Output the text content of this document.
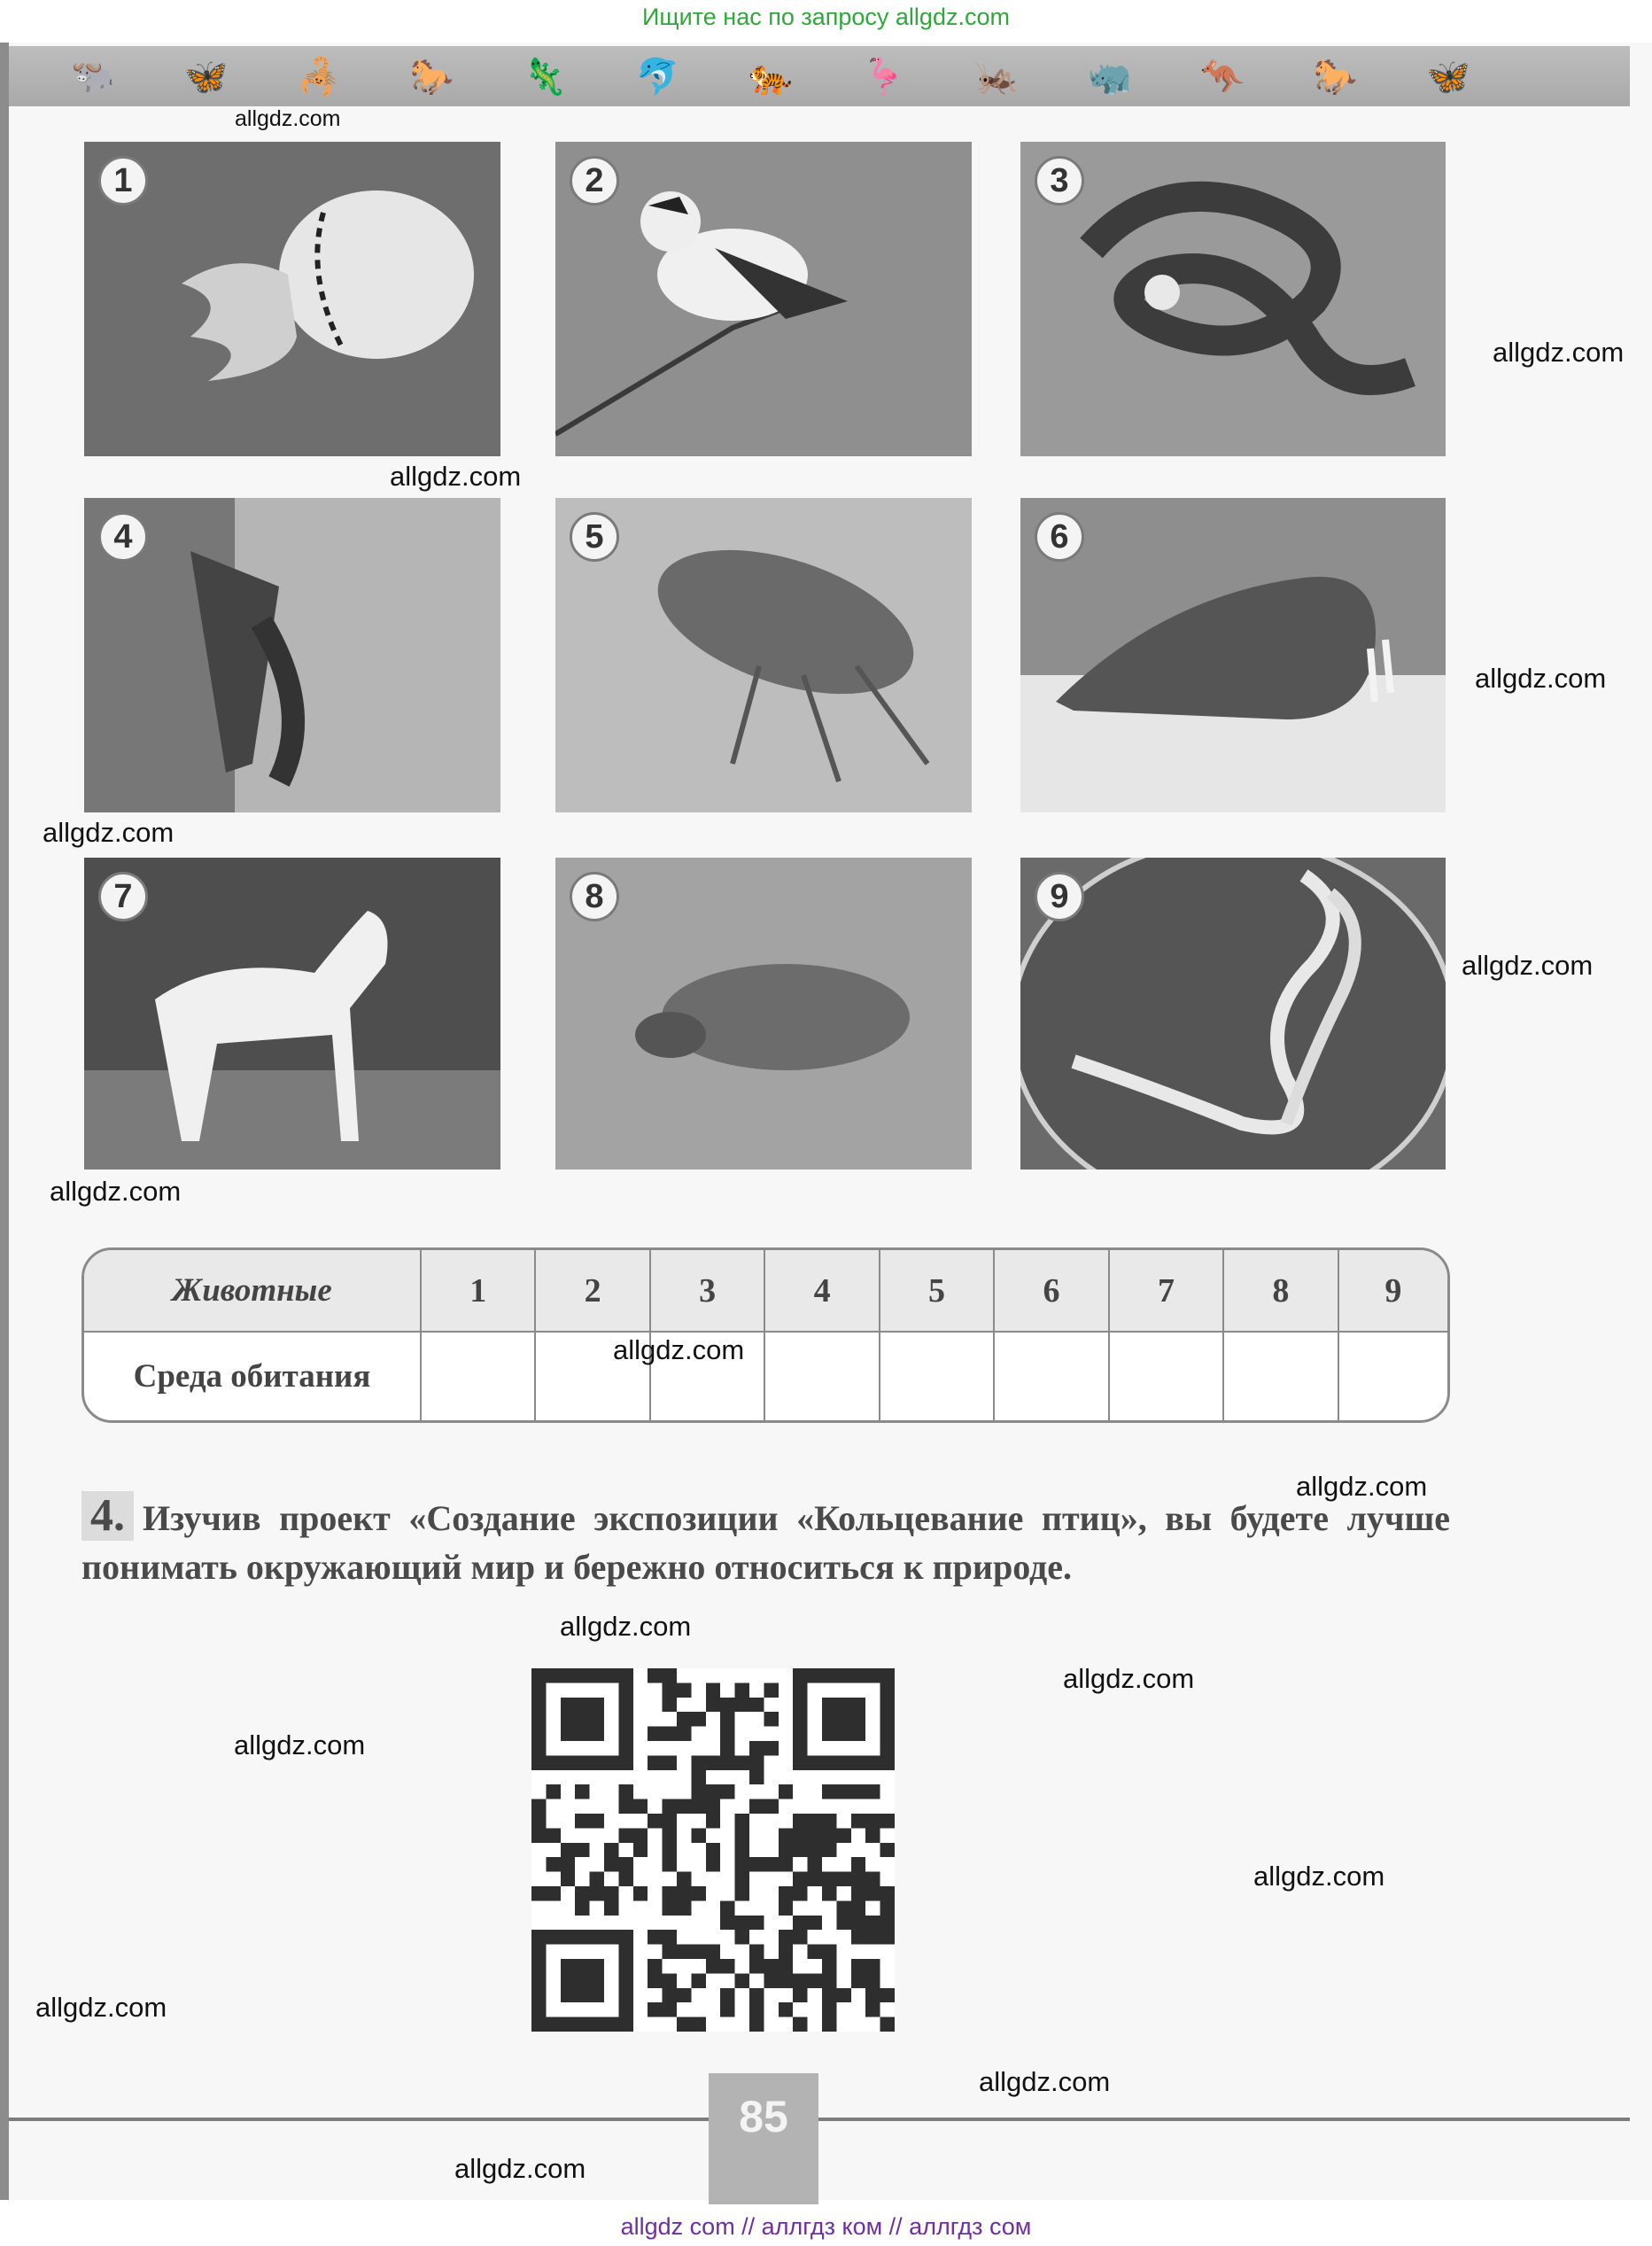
Ищите нас по запросу allgdz.com
🐃 🦋 🦂 🐎 🦎 🐬 🐅 🦩 🦗 🦏 🦘 🐎 🦋
1	2	3
4	5	6
7	8	9
Животные	1	2	3	4	5	6	7	8	9
Среда обитания									
4. Изучив проект «Создание экспозиции «Кольцевание птиц», вы будете лучше понимать окружающий мир и бережно относиться к природе.
85
allgdz.com
allgdz.com
allgdz.com
allgdz.com
allgdz.com
allgdz.com
allgdz.com
allgdz.com
allgdz.com
allgdz.com
allgdz.com
allgdz.com
allgdz.com
allgdz.com
allgdz.com
allgdz.com
allgdz com // аллгдз ком // аллгдз сом
